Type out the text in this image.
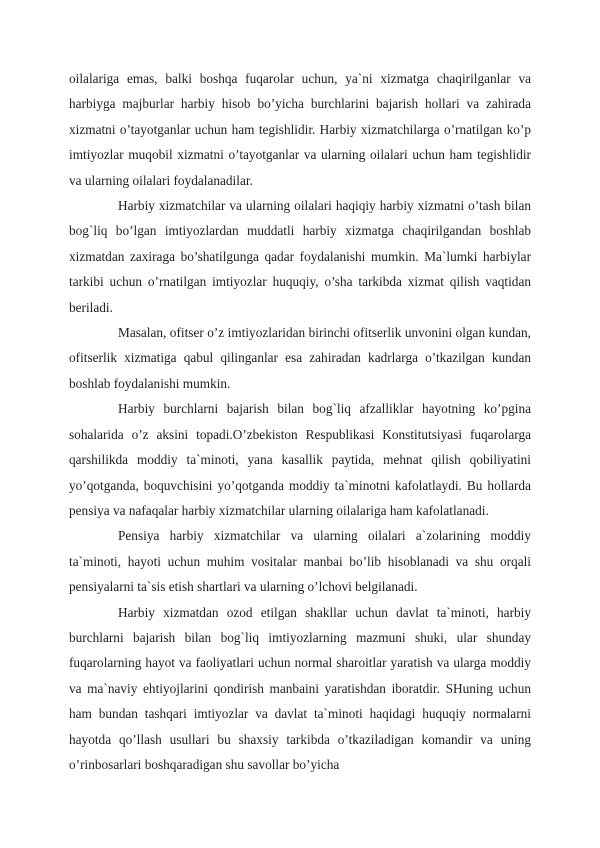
oilalariga emas, balki boshqa fuqarolar uchun, ya`ni xizmatga chaqirilganlar va harbiyga majburlar harbiy hisob bo’yicha burchlarini bajarish hollari va zahirada xizmatni o’tayotganlar uchun ham tegishlidir. Harbiy xizmatchilarga o’rnatilgan ko’p imtiyozlar muqobil xizmatni o’tayotganlar va ularning oilalari uchun ham tegishlidir va ularning oilalari foydalanadilar.

Harbiy xizmatchilar va ularning oilalari haqiqiy harbiy xizmatni o’tash bilan bog`liq bo’lgan imtiyozlardan muddatli harbiy xizmatga chaqirilgandan boshlab xizmatdan zaxiraga bo’shatilgunga qadar foydalanishi mumkin. Ma`lumki harbiylar tarkibi uchun o’rnatilgan imtiyozlar huquqiy, o’sha tarkibda xizmat qilish vaqtidan beriladi.

Masalan, ofitser o’z imtiyozlaridan birinchi ofitserlik unvonini olgan kundan, ofitserlik xizmatiga qabul qilinganlar esa zahiradan kadrlarga o’tkazilgan kundan boshlab foydalanishi mumkin.

Harbiy burchlarni bajarish bilan bog`liq afzalliklar hayotning ko’pgina sohalarida o’z aksini topadi.O’zbekiston Respublikasi Konstitutsiyasi fuqarolarga qarshilikda moddiy ta`minoti, yana kasallik paytida, mehnat qilish qobiliyatini yo’qotganda, boquvchisini yo’qotganda moddiy ta`minotni kafolatlaydi. Bu hollarda pensiya va nafaqalar harbiy xizmatchilar ularning oilalariga ham kafolatlanadi.

Pensiya harbiy xizmatchilar va ularning oilalari a`zolarining moddiy ta`minoti, hayoti uchun muhim vositalar manbai bo’lib hisoblanadi va shu orqali pensiyalarni ta`sis etish shartlari va ularning o’lchovi belgilanadi.

Harbiy xizmatdan ozod etilgan shakllar uchun davlat ta`minoti, harbiy burchlarni bajarish bilan bog`liq imtiyozlarning mazmuni shuki, ular shunday fuqarolarning hayot va faoliyatlari uchun normal sharoitlar yaratish va ularga moddiy va ma`naviy ehtiyojlarini qondirish manbaini yaratishdan iboratdir. SHuning uchun ham bundan tashqari imtiyozlar va davlat ta`minoti haqidagi huquqiy normalarni hayotda qo’llash usullari bu shaxsiy tarkibda o’tkaziladigan komandir va uning o’rinbosarlari boshqaradigan shu savollar bo’yicha
